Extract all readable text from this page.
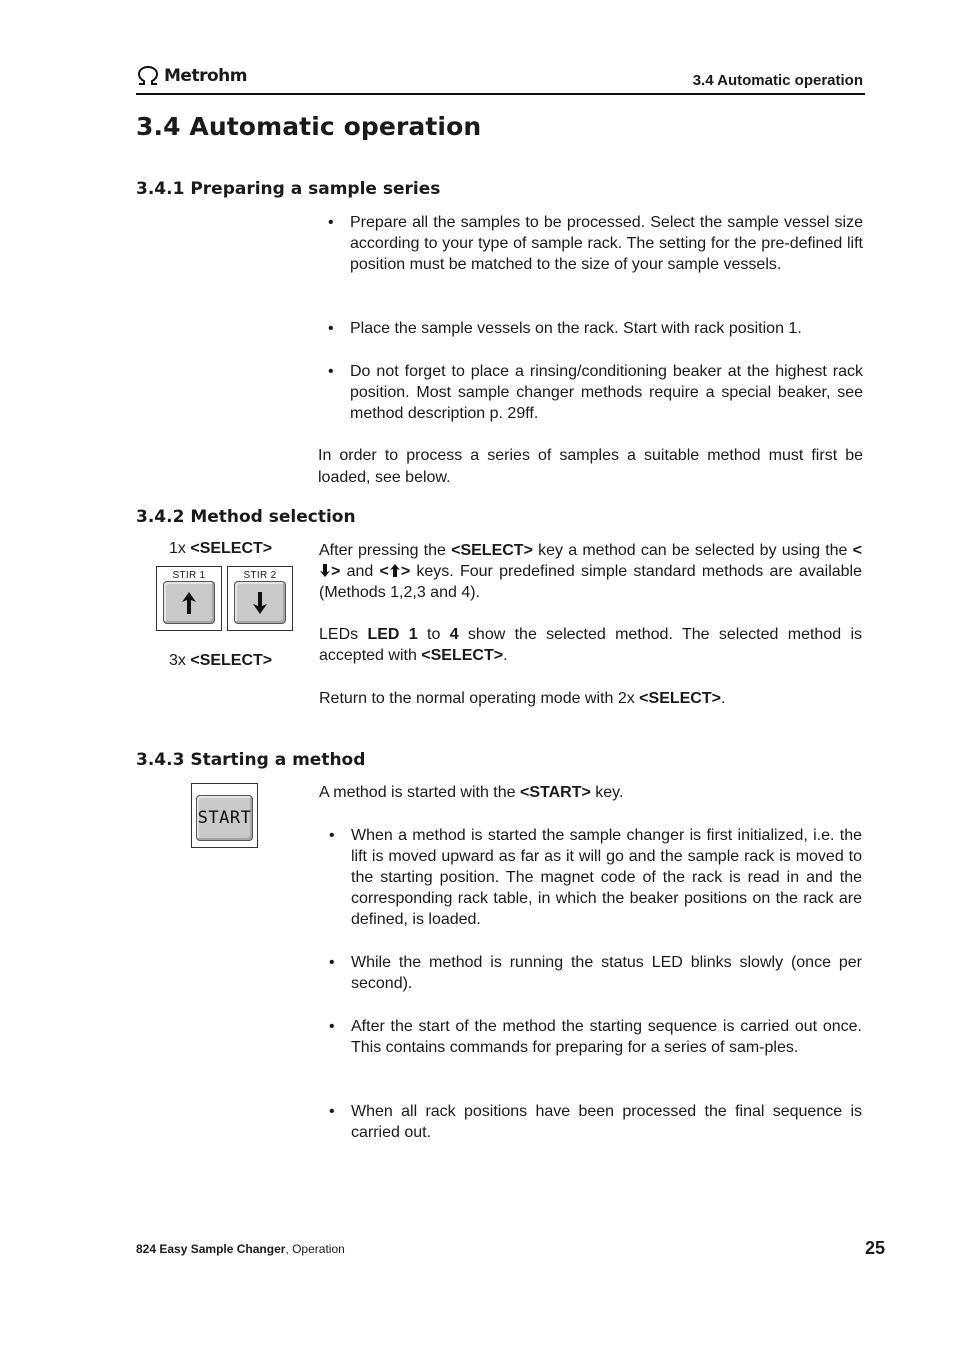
Metrohm	3.4 Automatic operation
3.4 Automatic operation
3.4.1 Preparing a sample series
• Prepare all the samples to be processed. Select the sample vessel size according to your type of sample rack. The setting for the pre-defined lift position must be matched to the size of your sample vessels.
• Place the sample vessels on the rack. Start with rack position 1.
• Do not forget to place a rinsing/conditioning beaker at the highest rack position. Most sample changer methods require a special beaker, see method description p. 29ff.
In order to process a series of samples a suitable method must first be loaded, see below.
3.4.2 Method selection
1x <SELECT>
STIR 1	STIR 2
3x <SELECT>
After pressing the <SELECT> key a method can be selected by using the <> and < > keys. Four predefined simple standard methods are available (Methods 1,2,3 and 4).
LEDs LED 1 to 4 show the selected method. The selected method is accepted with <SELECT>.
Return to the normal operating mode with 2x <SELECT>.
3.4.3 Starting a method
START
A method is started with the <START> key.
• When a method is started the sample changer is first initialized, i.e. the lift is moved upward as far as it will go and the sample rack is moved to the starting position. The magnet code of the rack is read in and the corresponding rack table, in which the beaker positions on the rack are defined, is loaded.
• While the method is running the status LED blinks slowly (once per second).
• After the start of the method the starting sequence is carried out once. This contains commands for preparing for a series of sam-ples.
• When all rack positions have been processed the final sequence is carried out.
824 Easy Sample Changer, Operation	25
